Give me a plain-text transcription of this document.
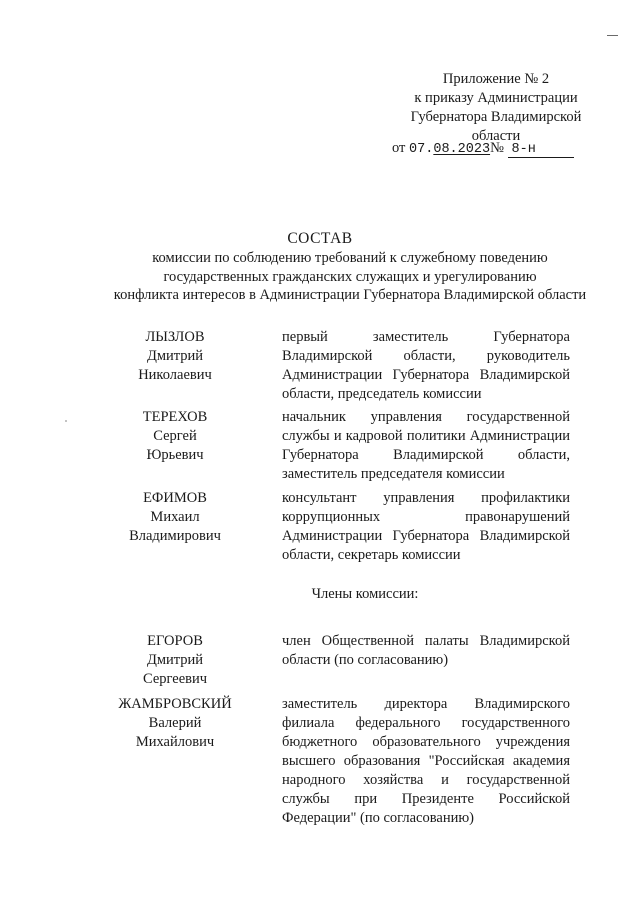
Приложение № 2
к приказу Администрации
Губернатора Владимирской
области
от 07.08.2023№ 8-н
СОСТАВ
комиссии по соблюдению требований к служебному поведению
государственных гражданских служащих и урегулированию
конфликта интересов в Администрации Губернатора Владимирской области
ЛЫЗЛОВ
Дмитрий
Николаевич
первый заместитель Губернатора Владимирской области, руководитель Администрации Губернатора Владимирской области, председатель комиссии
ТЕРЕХОВ
Сергей
Юрьевич
начальник управления государственной службы и кадровой политики Администрации Губернатора Владимирской области, заместитель председателя комиссии
ЕФИМОВ
Михаил
Владимирович
консультант управления профилактики коррупционных правонарушений Администрации Губернатора Владимирской области, секретарь комиссии
Члены комиссии:
ЕГОРОВ
Дмитрий
Сергеевич
член Общественной палаты Владимирской области (по согласованию)
ЖАМБРОВСКИЙ
Валерий
Михайлович
заместитель директора Владимирского филиала федерального государственного бюджетного образовательного учреждения высшего образования "Российская академия народного хозяйства и государственной службы при Президенте Российской Федерации" (по согласованию)
